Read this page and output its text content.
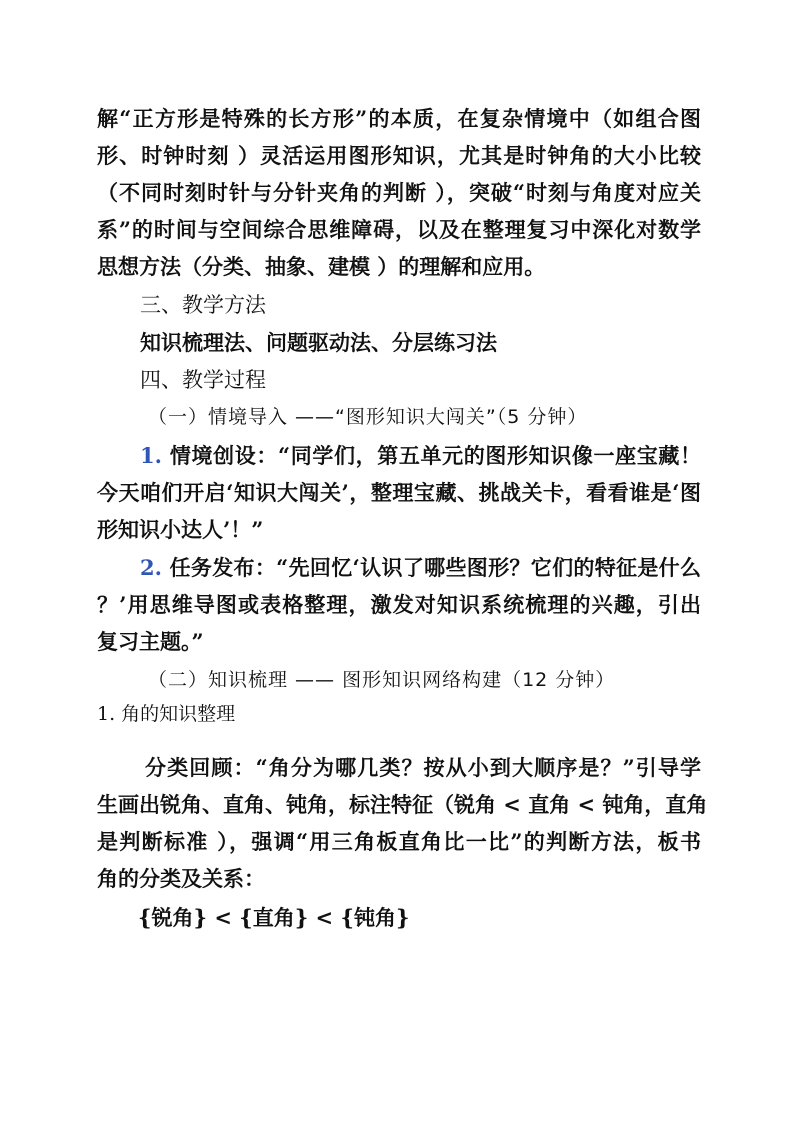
解“正方形是特殊的长方形”的本质，在复杂情境中（如组合图
形、时钟时刻 ）灵活运用图形知识，尤其是时钟角的大小比较
（不同时刻时针与分针夹角的判断 ），突破“时刻与角度对应关
系”的时间与空间综合思维障碍，以及在整理复习中深化对数学
思想方法（分类、抽象、建模 ）的理解和应用。
三、教学方法
知识梳理法、问题驱动法、分层练习法
四、教学过程
（一）情境导入 ——“图形知识大闯关”（5 分钟）
1. 情境创设：“同学们，第五单元的图形知识像一座宝藏！
今天咱们开启‘知识大闯关’，整理宝藏、挑战关卡，看看谁是‘图
形知识小达人’！”
2. 任务发布：“先回忆‘认识了哪些图形？它们的特征是什么
？’用思维导图或表格整理，激发对知识系统梳理的兴趣，引出
复习主题。”
（二）知识梳理 —— 图形知识网络构建（12 分钟）
1. 角的知识整理
分类回顾：“角分为哪几类？按从小到大顺序是？”引导学
生画出锐角、直角、钝角，标注特征（锐角 < 直角 < 钝角，直角
是判断标准 ），强调“用三角板直角比一比”的判断方法，板书
角的分类及关系：
{锐角} < {直角} < {钝角}
